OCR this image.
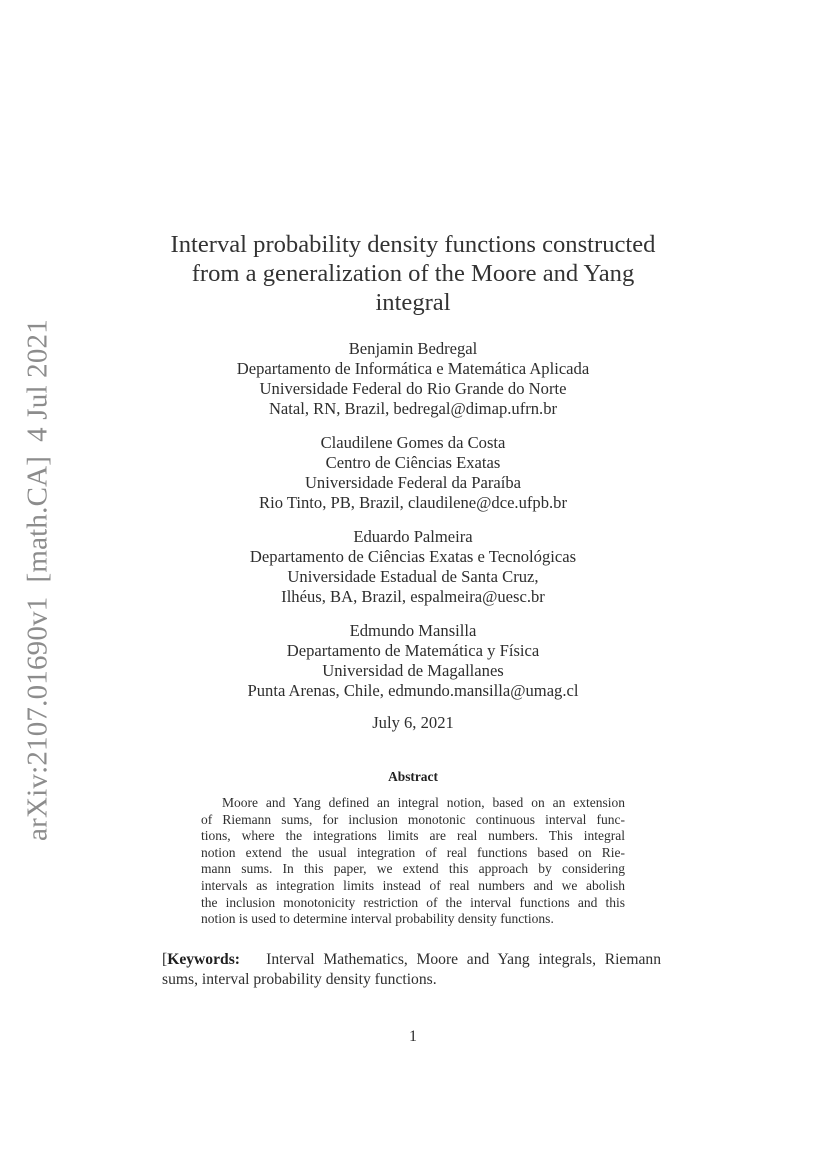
arXiv:2107.01690v1[math.CA]4 Jul 2021
Interval probability density functions constructed
from a generalization of the Moore and Yang
integral
Benjamin Bedregal
Departamento de Informática e Matemática Aplicada
Universidade Federal do Rio Grande do Norte
Natal, RN, Brazil, bedregal@dimap.ufrn.br
Claudilene Gomes da Costa
Centro de Ciências Exatas
Universidade Federal da Paraíba
Rio Tinto, PB, Brazil, claudilene@dce.ufpb.br
Eduardo Palmeira
Departamento de Ciências Exatas e Tecnológicas
Universidade Estadual de Santa Cruz,
Ilhéus, BA, Brazil, espalmeira@uesc.br
Edmundo Mansilla
Departamento de Matemática y Física
Universidad de Magallanes
Punta Arenas, Chile, edmundo.mansilla@umag.cl
July 6, 2021
Abstract
Moore and Yang defined an integral notion, based on an extension
of Riemann sums, for inclusion monotonic continuous interval func-
tions, where the integrations limits are real numbers. This integral
notion extend the usual integration of real functions based on Rie-
mann sums. In this paper, we extend this approach by considering
intervals as integration limits instead of real numbers and we abolish
the inclusion monotonicity restriction of the interval functions and this
notion is used to determine interval probability density functions.
[Keywords: Interval Mathematics, Moore and Yang integrals, Riemann
sums, interval probability density functions.
1
